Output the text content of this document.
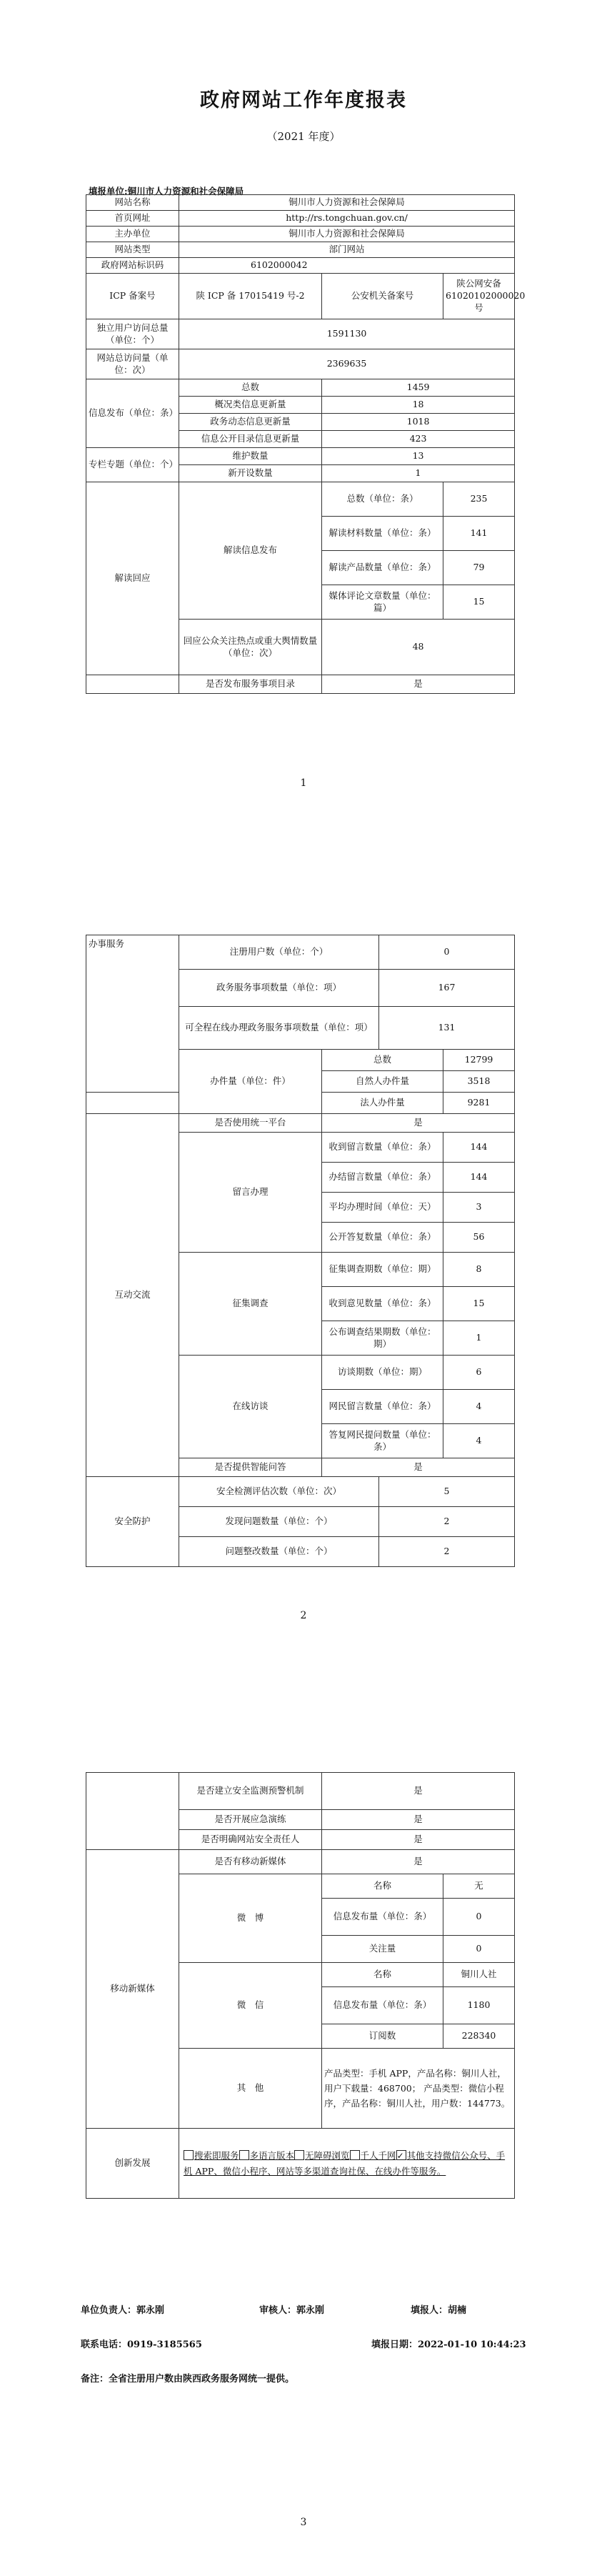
政府网站工作年度报表
（2021 年度）
填报单位:铜川市人力资源和社会保障局
网站名称	铜川市人力资源和社会保障局		
首页网址	http://rs.tongchuan.gov.cn/		
主办单位	铜川市人力资源和社会保障局		
网站类型	部门网站		
政府网站标识码	6102000042		
ICP 备案号	陕 ICP 备 17015419 号-2	公安机关备案号	陕公网安备61020102000020 号
独立用户访问总量（单位：个）	1591130		
网站总访问量（单位：次）	2369635		
信息发布（单位：条）	总数	1459	
	概况类信息更新量	18	
	政务动态信息更新量	1018	
	信息公开目录信息更新量	423	
专栏专题（单位：个）	维护数量	13	
	新开设数量	1	
解读回应	解读信息发布	总数（单位：条）	235
		解读材料数量（单位：条）	141
		解读产品数量（单位：条）	79
		媒体评论文章数量（单位：篇）	15
	回应公众关注热点或重大舆情数量（单位：次）	48	
	是否发布服务事项目录	是	
1
办事服务	注册用户数（单位：个）		0	
	政务服务事项数量（单位：项）		167	
	可全程在线办理政务服务事项数量（单位：项）		131	
	办件量（单位：件）	总数		12799
		自然人办件量		3518
		法人办件量		9281
互动交流	是否使用统一平台	是		
	留言办理	收到留言数量（单位：条）		144
		办结留言数量（单位：条）		144
		平均办理时间（单位：天）		3
		公开答复数量（单位：条）		56
	征集调查	征集调查期数（单位：期）		8
		收到意见数量（单位：条）		15
		公布调查结果期数（单位：期）		1
	在线访谈	访谈期数（单位：期）		6
		网民留言数量（单位：条）		4
		答复网民提问数量（单位：条）		4
	是否提供智能问答	是		
安全防护	安全检测评估次数（单位：次）		5	
	发现问题数量（单位：个）		2	
	问题整改数量（单位：个）		2	
2
	是否建立安全监测预警机制	是	
	是否开展应急演练	是	
	是否明确网站安全责任人	是	
移动新媒体	是否有移动新媒体	是	
	微　博	名称	无
		信息发布量（单位：条）	0
		关注量	0
	微　信	名称	铜川人社
		信息发布量（单位：条）	1180
		订阅数	228340
	其　他	产品类型：手机 APP，产品名称：铜川人社，用户下载量：468700； 产品类型：微信小程序，产品名称：铜川人社，用户数：144773。	
创新发展	搜索即服务 多语言版本 无障碍浏览 千人千网 ✓ 其他支持微信公众号、手机 APP、微信小程序、网站等多渠道查询社保、在线办件等服务。
单位负责人：郭永刚	审核人：郭永刚	填报人：胡楠
联系电话：0919-3185565	填报日期：2022-01-10 10:44:23
备注：全省注册用户数由陕西政务服务网统一提供。
3
